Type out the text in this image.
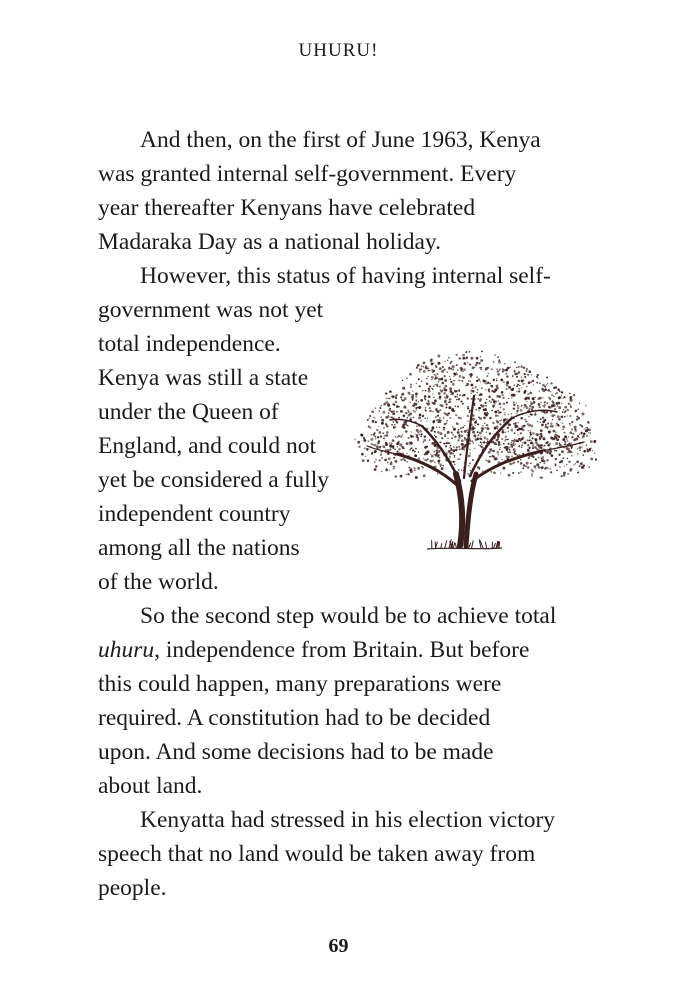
UHURU!
And then, on the first of June 1963, Kenya
was granted internal self-government. Every
year thereafter Kenyans have celebrated
Madaraka Day as a national holiday.
However, this status of having internal self-
government was not yet
total independence.
Kenya was still a state
under the Queen of
England, and could not
yet be considered a fully
independent country
among all the nations
of the world.
So the second step would be to achieve total
uhuru, independence from Britain. But before
this could happen, many preparations were
required. A constitution had to be decided
upon. And some decisions had to be made
about land.
Kenyatta had stressed in his election victory
speech that no land would be taken away from
people.
69
